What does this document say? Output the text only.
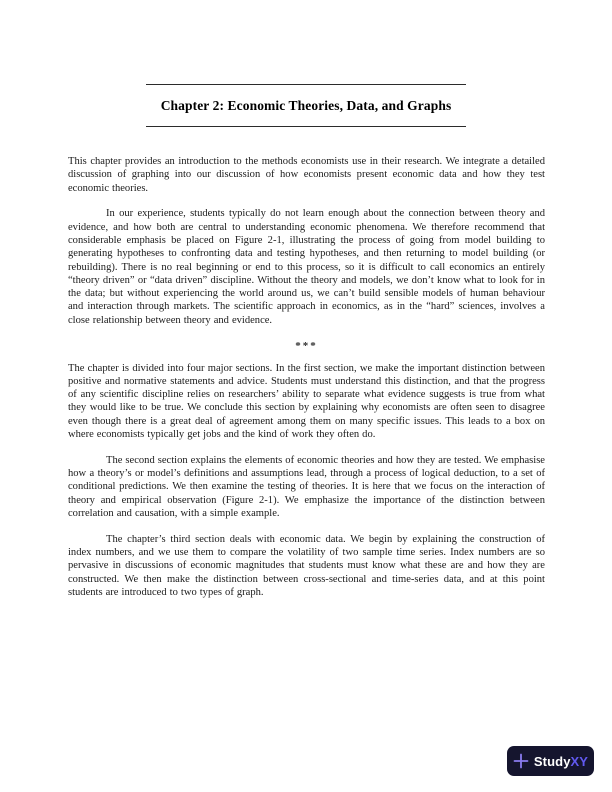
Chapter 2: Economic Theories, Data, and Graphs

This chapter provides an introduction to the methods economists use in their research. We integrate a detailed discussion of graphing into our discussion of how economists present economic data and how they test economic theories.

In our experience, students typically do not learn enough about the connection between theory and evidence, and how both are central to understanding economic phenomena. We therefore recommend that considerable emphasis be placed on Figure 2-1, illustrating the process of going from model building to generating hypotheses to confronting data and testing hypotheses, and then returning to model building (or rebuilding). There is no real beginning or end to this process, so it is difficult to call economics an entirely “theory driven” or “data driven” discipline. Without the theory and models, we don’t know what to look for in the data; but without experiencing the world around us, we can’t build sensible models of human behaviour and interaction through markets. The scientific approach in economics, as in the “hard” sciences, involves a close relationship between theory and evidence.

***

The chapter is divided into four major sections. In the first section, we make the important distinction between positive and normative statements and advice. Students must understand this distinction, and that the progress of any scientific discipline relies on researchers’ ability to separate what evidence suggests is true from what they would like to be true. We conclude this section by explaining why economists are often seen to disagree even though there is a great deal of agreement among them on many specific issues. This leads to a box on where economists typically get jobs and the kind of work they often do.

The second section explains the elements of economic theories and how they are tested. We emphasise how a theory’s or model’s definitions and assumptions lead, through a process of logical deduction, to a set of conditional predictions. We then examine the testing of theories. It is here that we focus on the interaction of theory and empirical observation (Figure 2-1). We emphasize the importance of the distinction between correlation and causation, with a simple example.

The chapter’s third section deals with economic data. We begin by explaining the construction of index numbers, and we use them to compare the volatility of two sample time series. Index numbers are so pervasive in discussions of economic magnitudes that students must know what these are and how they are constructed. We then make the distinction between cross-sectional and time-series data, and at this point students are introduced to two types of graph.

StudyXY
